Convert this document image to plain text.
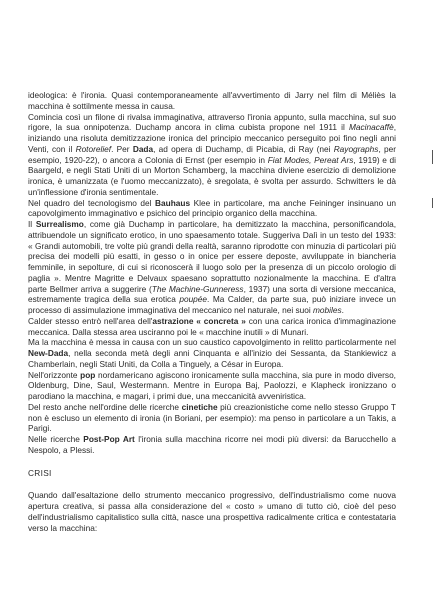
ideologica: è l'ironia. Quasi contemporaneamente all'avvertimento di Jarry nel film di Méliès la macchina è sottilmente messa in causa.

Comincia così un filone di rivalsa immaginativa, attraverso l'ironia appunto, sulla macchina, sul suo rigore, la sua onnipotenza. Duchamp ancora in clima cubista propone nel 1911 il Macinacaffè, iniziando una risoluta demitizzazione ironica del principio meccanico perseguito poi fino negli anni Venti, con il Rotorelief. Per Dada, ad opera di Duchamp, di Picabia, di Ray (nei Rayographs, per esempio, 1920-22), o ancora a Colonia di Ernst (per esempio in Fiat Modes, Pereat Ars, 1919) e di Baargeld, e negli Stati Uniti di un Morton Schamberg, la macchina diviene esercizio di demolizione ironica, è umanizzata (e l'uomo meccanizzato), è sregolata, è svolta per assurdo. Schwitters le dà un'inflessione d'ironia sentimentale.

Nel quadro del tecnologismo del Bauhaus Klee in particolare, ma anche Feininger insinuano un capovolgimento immaginativo e psichico del principio organico della macchina.

Il Surrealismo, come già Duchamp in particolare, ha demitizzato la macchina, personificandola, attribuendole un significato erotico, in uno spaesamento totale. Suggeriva Dalì in un testo del 1933: « Grandi automobili, tre volte più grandi della realtà, saranno riprodotte con minuzia di particolari più precisa dei modelli più esatti, in gesso o in onice per essere deposte, avviluppate in biancheria femminile, in sepolture, di cui si riconoscerà il luogo solo per la presenza di un piccolo orologio di paglia ». Mentre Magritte e Delvaux spaesano soprattutto nozionalmente la macchina. E d'altra parte Bellmer arriva a suggerire (The Machine-Gunneress, 1937) una sorta di versione meccanica, estremamente tragica della sua erotica poupée. Ma Calder, da parte sua, può iniziare invece un processo di assimulazione immaginativa del meccanico nel naturale, nei suoi mobiles.

Calder stesso entrò nell'area dell'astrazione « concreta » con una carica ironica d'immaginazione meccanica. Dalla stessa area usciranno poi le « macchine inutili » di Munari.

Ma la macchina è messa in causa con un suo caustico capovolgimento in relitto particolarmente nel New-Dada, nella seconda metà degli anni Cinquanta e all'inizio dei Sessanta, da Stankiewicz a Chamberlain, negli Stati Uniti, da Colla a Tinguely, a César in Europa.

Nell'orizzonte pop nordamericano agiscono ironicamente sulla macchina, sia pure in modo diverso, Oldenburg, Dine, Saul, Westermann. Mentre in Europa Baj, Paolozzi, e Klapheck ironizzano o parodiano la macchina, e magari, i primi due, una meccanicità avveniristica.

Del resto anche nell'ordine delle ricerche cinetiche più creazionistiche come nello stesso Gruppo T non è escluso un elemento di ironia (in Boriani, per esempio): ma penso in particolare a un Takis, a Parigi.

Nelle ricerche Post-Pop Art l'ironia sulla macchina ricorre nei modi più diversi: da Barucchello a Nespolo, a Plessi.

CRISI

Quando dall'esaltazione dello strumento meccanico progressivo, dell'industrialismo come nuova apertura creativa, si passa alla considerazione del « costo » umano di tutto ciò, cioè del peso dell'industrialismo capitalistico sulla città, nasce una prospettiva radicalmente critica e contestataria verso la macchina:
